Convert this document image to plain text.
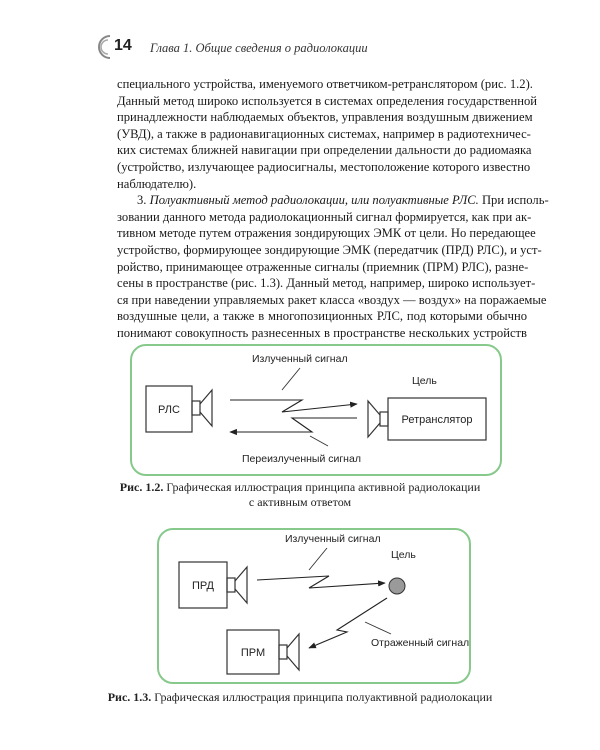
14 Глава 1. Общие сведения о радиолокации
специального устройства, именуемого ответчиком-ретранслятором (рис. 1.2).
Данный метод широко используется в системах определения государственной
принадлежности наблюдаемых объектов, управления воздушным движением
(УВД), а также в радионавигационных системах, например в радиотехничес-
ких системах ближней навигации при определении дальности до радиомаяка
(устройство, излучающее радиосигналы, местоположение которого известно
наблюдателю).
3. Полуактивный метод радиолокации, или полуактивные РЛС. При исполь-
зовании данного метода радиолокационный сигнал формируется, как при ак-
тивном методе путем отражения зондирующих ЭМК от цели. Но передающее
устройство, формирующее зондирующие ЭМК (передатчик (ПРД) РЛС), и уст-
ройство, принимающее отраженные сигналы (приемник (ПРМ) РЛС), разне-
сены в пространстве (рис. 1.3). Данный метод, например, широко использует-
ся при наведении управляемых ракет класса «воздух — воздух» на поражаемые
воздушные цели, а также в многопозиционных РЛС, под которыми обычно
понимают совокупность разнесенных в пространстве нескольких устройств
РЛС
Ретранслятор
Цель
Излученный сигнал
Переизлученный сигнал
Рис. 1.2. Графическая иллюстрация принципа активной радиолокации
с активным ответом
ПРД
ПРМ
Излученный сигнал
Цель
Отраженный сигнал
Рис. 1.3. Графическая иллюстрация принципа полуактивной радиолокации
